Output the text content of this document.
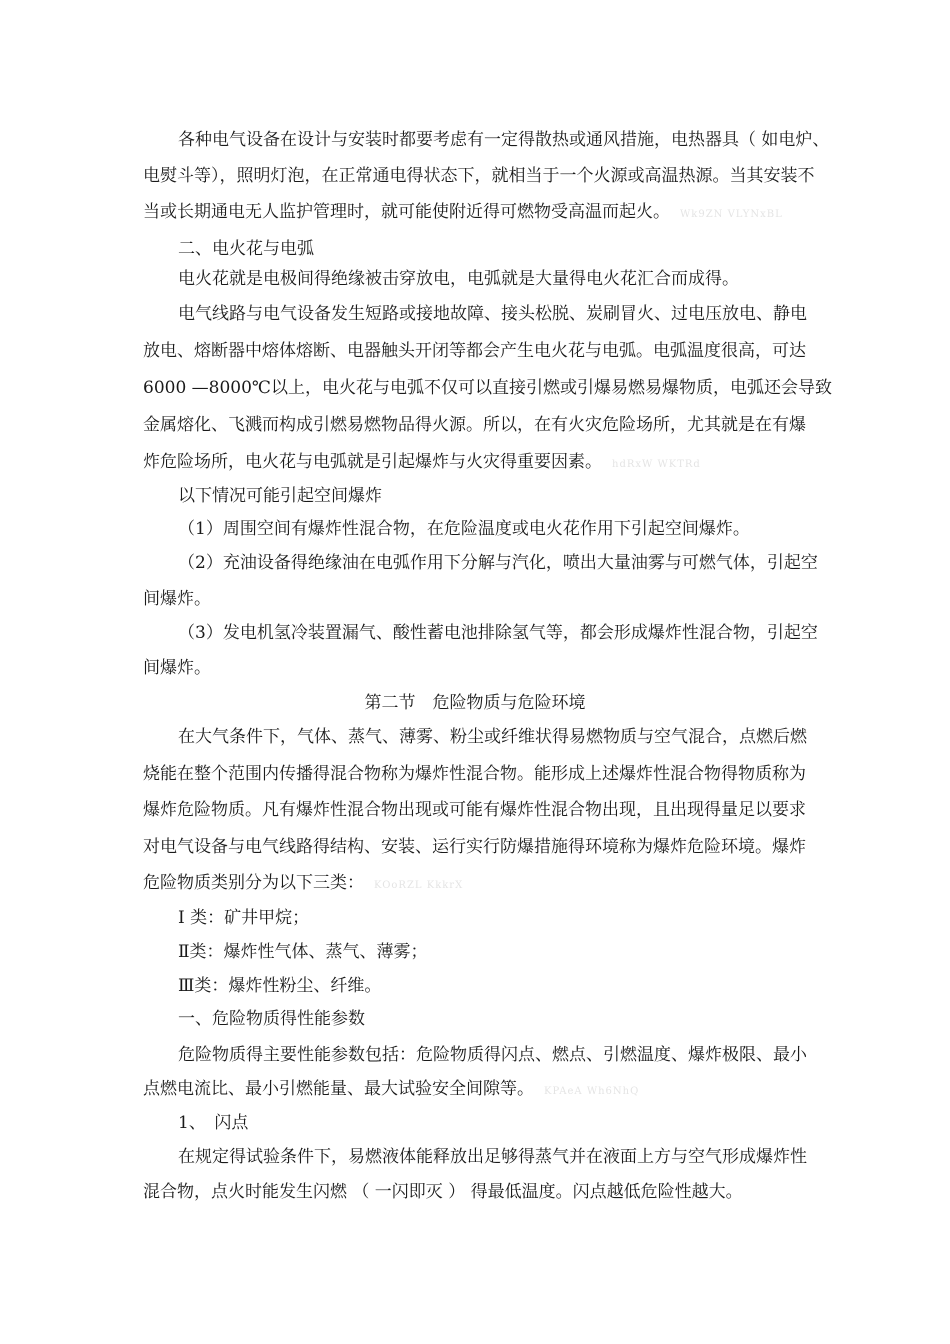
各种电气设备在设计与安装时都要考虑有一定得散热或通风措施，电热器具（ 如电炉、
电熨斗等），照明灯泡，在正常通电得状态下，就相当于一个火源或高温热源。当其安装不
当或长期通电无人监护管理时，就可能使附近得可燃物受高温而起火。 Wk9ZN VLYNxBL
二、电火花与电弧
电火花就是电极间得绝缘被击穿放电，电弧就是大量得电火花汇合而成得。
电气线路与电气设备发生短路或接地故障、接头松脱、炭刷冒火、过电压放电、静电
放电、熔断器中熔体熔断、电器触头开闭等都会产生电火花与电弧。电弧温度很高，可达
6000 —8000℃以上，电火花与电弧不仅可以直接引燃或引爆易燃易爆物质，电弧还会导致
金属熔化、飞溅而构成引燃易燃物品得火源。所以，在有火灾危险场所，尤其就是在有爆
炸危险场所，电火花与电弧就是引起爆炸与火灾得重要因素。 hdRxW WKTRd
以下情况可能引起空间爆炸
（1）周围空间有爆炸性混合物，在危险温度或电火花作用下引起空间爆炸。
（2）充油设备得绝缘油在电弧作用下分解与汽化，喷出大量油雾与可燃气体，引起空
间爆炸。
（3）发电机氢冷装置漏气、酸性蓄电池排除氢气等，都会形成爆炸性混合物，引起空
间爆炸。
第二节　危险物质与危险环境
在大气条件下，气体、蒸气、薄雾、粉尘或纤维状得易燃物质与空气混合，点燃后燃
烧能在整个范围内传播得混合物称为爆炸性混合物。能形成上述爆炸性混合物得物质称为
爆炸危险物质。凡有爆炸性混合物出现或可能有爆炸性混合物出现，且出现得量足以要求
对电气设备与电气线路得结构、安装、运行实行防爆措施得环境称为爆炸危险环境。爆炸
危险物质类别分为以下三类： KOoRZL KkkrX
Ⅰ 类：矿井甲烷；
Ⅱ类：爆炸性气体、蒸气、薄雾；
Ⅲ类：爆炸性粉尘、纤维。
一、危险物质得性能参数
危险物质得主要性能参数包括：危险物质得闪点、燃点、引燃温度、爆炸极限、最小
点燃电流比、最小引燃能量、最大试验安全间隙等。 KPAeA Wh6NhQ
1、　闪点
在规定得试验条件下，易燃液体能释放出足够得蒸气并在液面上方与空气形成爆炸性
混合物，点火时能发生闪燃 （ 一闪即灭 ） 得最低温度。闪点越低危险性越大。
